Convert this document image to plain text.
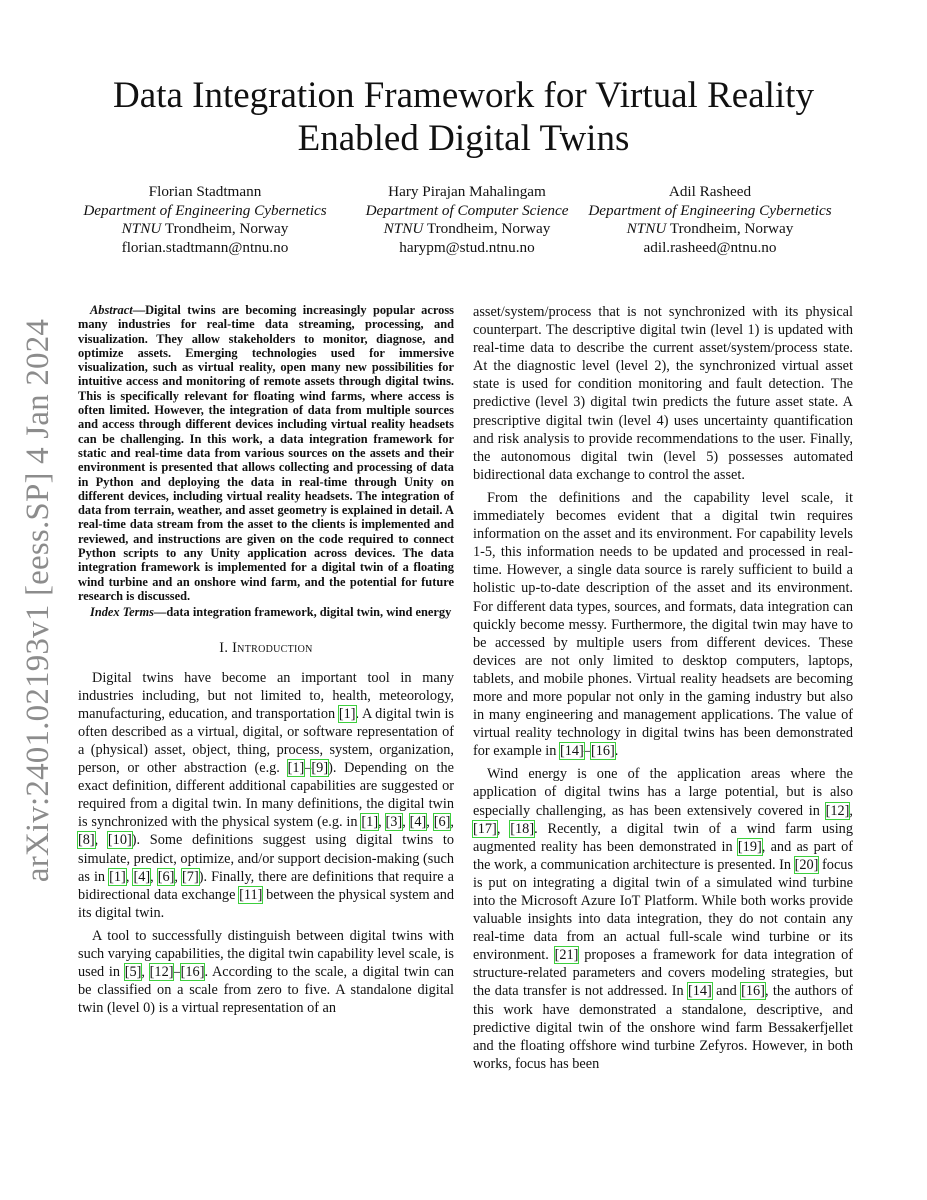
arXiv:2401.02193v1 [eess.SP] 4 Jan 2024
Data Integration Framework for Virtual Reality
Enabled Digital Twins
Florian Stadtmann
Department of Engineering Cybernetics
NTNU Trondheim, Norway
florian.stadtmann@ntnu.no
Hary Pirajan Mahalingam
Department of Computer Science
NTNU Trondheim, Norway
harypm@stud.ntnu.no
Adil Rasheed
Department of Engineering Cybernetics
NTNU Trondheim, Norway
adil.rasheed@ntnu.no

Abstract—Digital twins are becoming increasingly popular across many industries for real-time data streaming, processing, and visualization. They allow stakeholders to monitor, diagnose, and optimize assets. Emerging technologies used for immersive visualization, such as virtual reality, open many new possibilities for intuitive access and monitoring of remote assets through digital twins. This is specifically relevant for floating wind farms, where access is often limited. However, the integration of data from multiple sources and access through different devices including virtual reality headsets can be challenging. In this work, a data integration framework for static and real-time data from various sources on the assets and their environment is presented that allows collecting and processing of data in Python and deploying the data in real-time through Unity on different devices, including virtual reality headsets. The integration of data from terrain, weather, and asset geometry is explained in detail. A real-time data stream from the asset to the clients is implemented and reviewed, and instructions are given on the code required to connect Python scripts to any Unity application across devices. The data integration framework is implemented for a digital twin of a floating wind turbine and an onshore wind farm, and the potential for future research is discussed.

Index Terms—data integration framework, digital twin, wind energy

I. Introduction

Digital twins have become an important tool in many industries including, but not limited to, health, meteorology, manufacturing, education, and transportation [1]. A digital twin is often described as a virtual, digital, or software representation of a (physical) asset, object, thing, process, system, organization, person, or other abstraction (e.g. [1]–[9]). Depending on the exact definition, different additional capabilities are suggested or required from a digital twin. In many definitions, the digital twin is synchronized with the physical system (e.g. in [1], [3], [4], [6], [8], [10]). Some definitions suggest using digital twins to simulate, predict, optimize, and/or support decision-making (such as in [1], [4], [6], [7]). Finally, there are definitions that require a bidirectional data exchange [11] between the physical system and its digital twin.

A tool to successfully distinguish between digital twins with such varying capabilities, the digital twin capability level scale, is used in [5], [12]–[16]. According to the scale, a digital twin can be classified on a scale from zero to five. A standalone digital twin (level 0) is a virtual representation of an

asset/system/process that is not synchronized with its physical counterpart. The descriptive digital twin (level 1) is updated with real-time data to describe the current asset/system/process state. At the diagnostic level (level 2), the synchronized virtual asset state is used for condition monitoring and fault detection. The predictive (level 3) digital twin predicts the future asset state. A prescriptive digital twin (level 4) uses uncertainty quantification and risk analysis to provide recommendations to the user. Finally, the autonomous digital twin (level 5) possesses automated bidirectional data exchange to control the asset.

From the definitions and the capability level scale, it immediately becomes evident that a digital twin requires information on the asset and its environment. For capability levels 1-5, this information needs to be updated and processed in real-time. However, a single data source is rarely sufficient to build a holistic up-to-date description of the asset and its environment. For different data types, sources, and formats, data integration can quickly become messy. Furthermore, the digital twin may have to be accessed by multiple users from different devices. These devices are not only limited to desktop computers, laptops, tablets, and mobile phones. Virtual reality headsets are becoming more and more popular not only in the gaming industry but also in many engineering and management applications. The value of virtual reality technology in digital twins has been demonstrated for example in [14]–[16].

Wind energy is one of the application areas where the application of digital twins has a large potential, but is also especially challenging, as has been extensively covered in [12], [17], [18]. Recently, a digital twin of a wind farm using augmented reality has been demonstrated in [19], and as part of the work, a communication architecture is presented. In [20] focus is put on integrating a digital twin of a simulated wind turbine into the Microsoft Azure IoT Platform. While both works provide valuable insights into data integration, they do not contain any real-time data from an actual full-scale wind turbine or its environment. [21] proposes a framework for data integration of structure-related parameters and covers modeling strategies, but the data transfer is not addressed. In [14] and [16], the authors of this work have demonstrated a standalone, descriptive, and predictive digital twin of the onshore wind farm Bessakerfjellet and the floating offshore wind turbine Zefyros. However, in both works, focus has been
